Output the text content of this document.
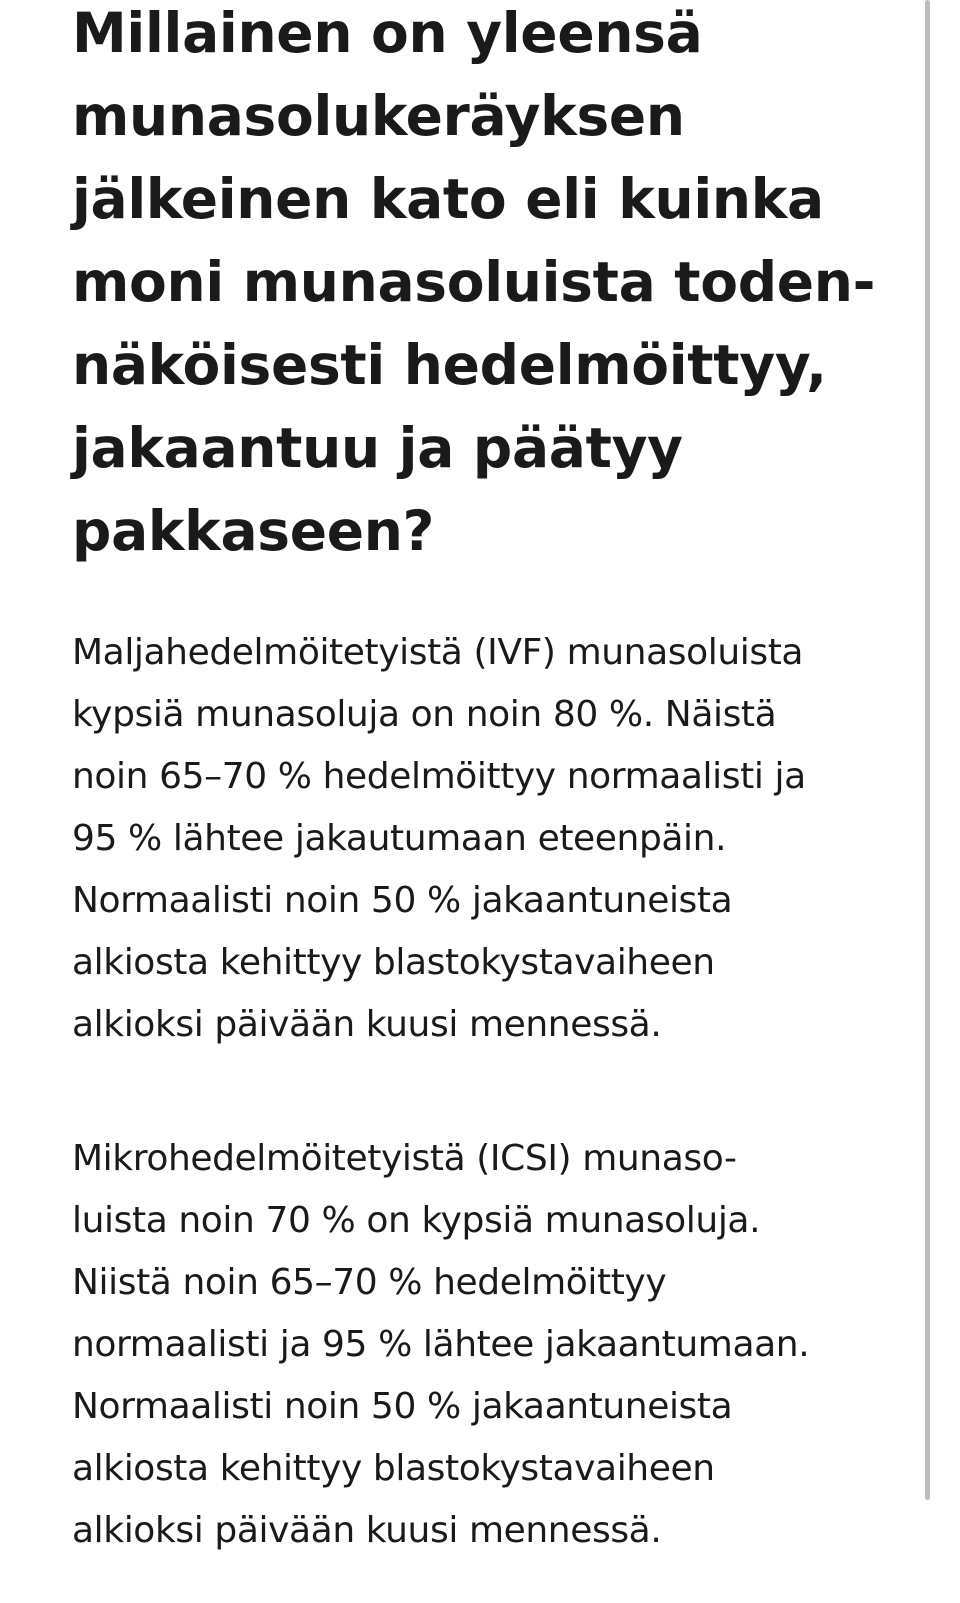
Millainen on yleensä
munasolukeräyksen
jälkeinen kato eli kuinka
moni munasoluista toden-
näköisesti hedelmöittyy,
jakaantuu ja päätyy
pakkaseen?

Maljahedelmöitetyistä (IVF) munasoluista
kypsiä munasoluja on noin 80 %. Näistä
noin 65–70 % hedelmöittyy normaalisti ja
95 % lähtee jakautumaan eteenpäin.
Normaalisti noin 50 % jakaantuneista
alkiosta kehittyy blastokystavaiheen
alkioksi päivään kuusi mennessä.

Mikrohedelmöitetyistä (ICSI) munaso-
luista noin 70 % on kypsiä munasoluja.
Niistä noin 65–70 % hedelmöittyy
normaalisti ja 95 % lähtee jakaantumaan.
Normaalisti noin 50 % jakaantuneista
alkiosta kehittyy blastokystavaiheen
alkioksi päivään kuusi mennessä.
